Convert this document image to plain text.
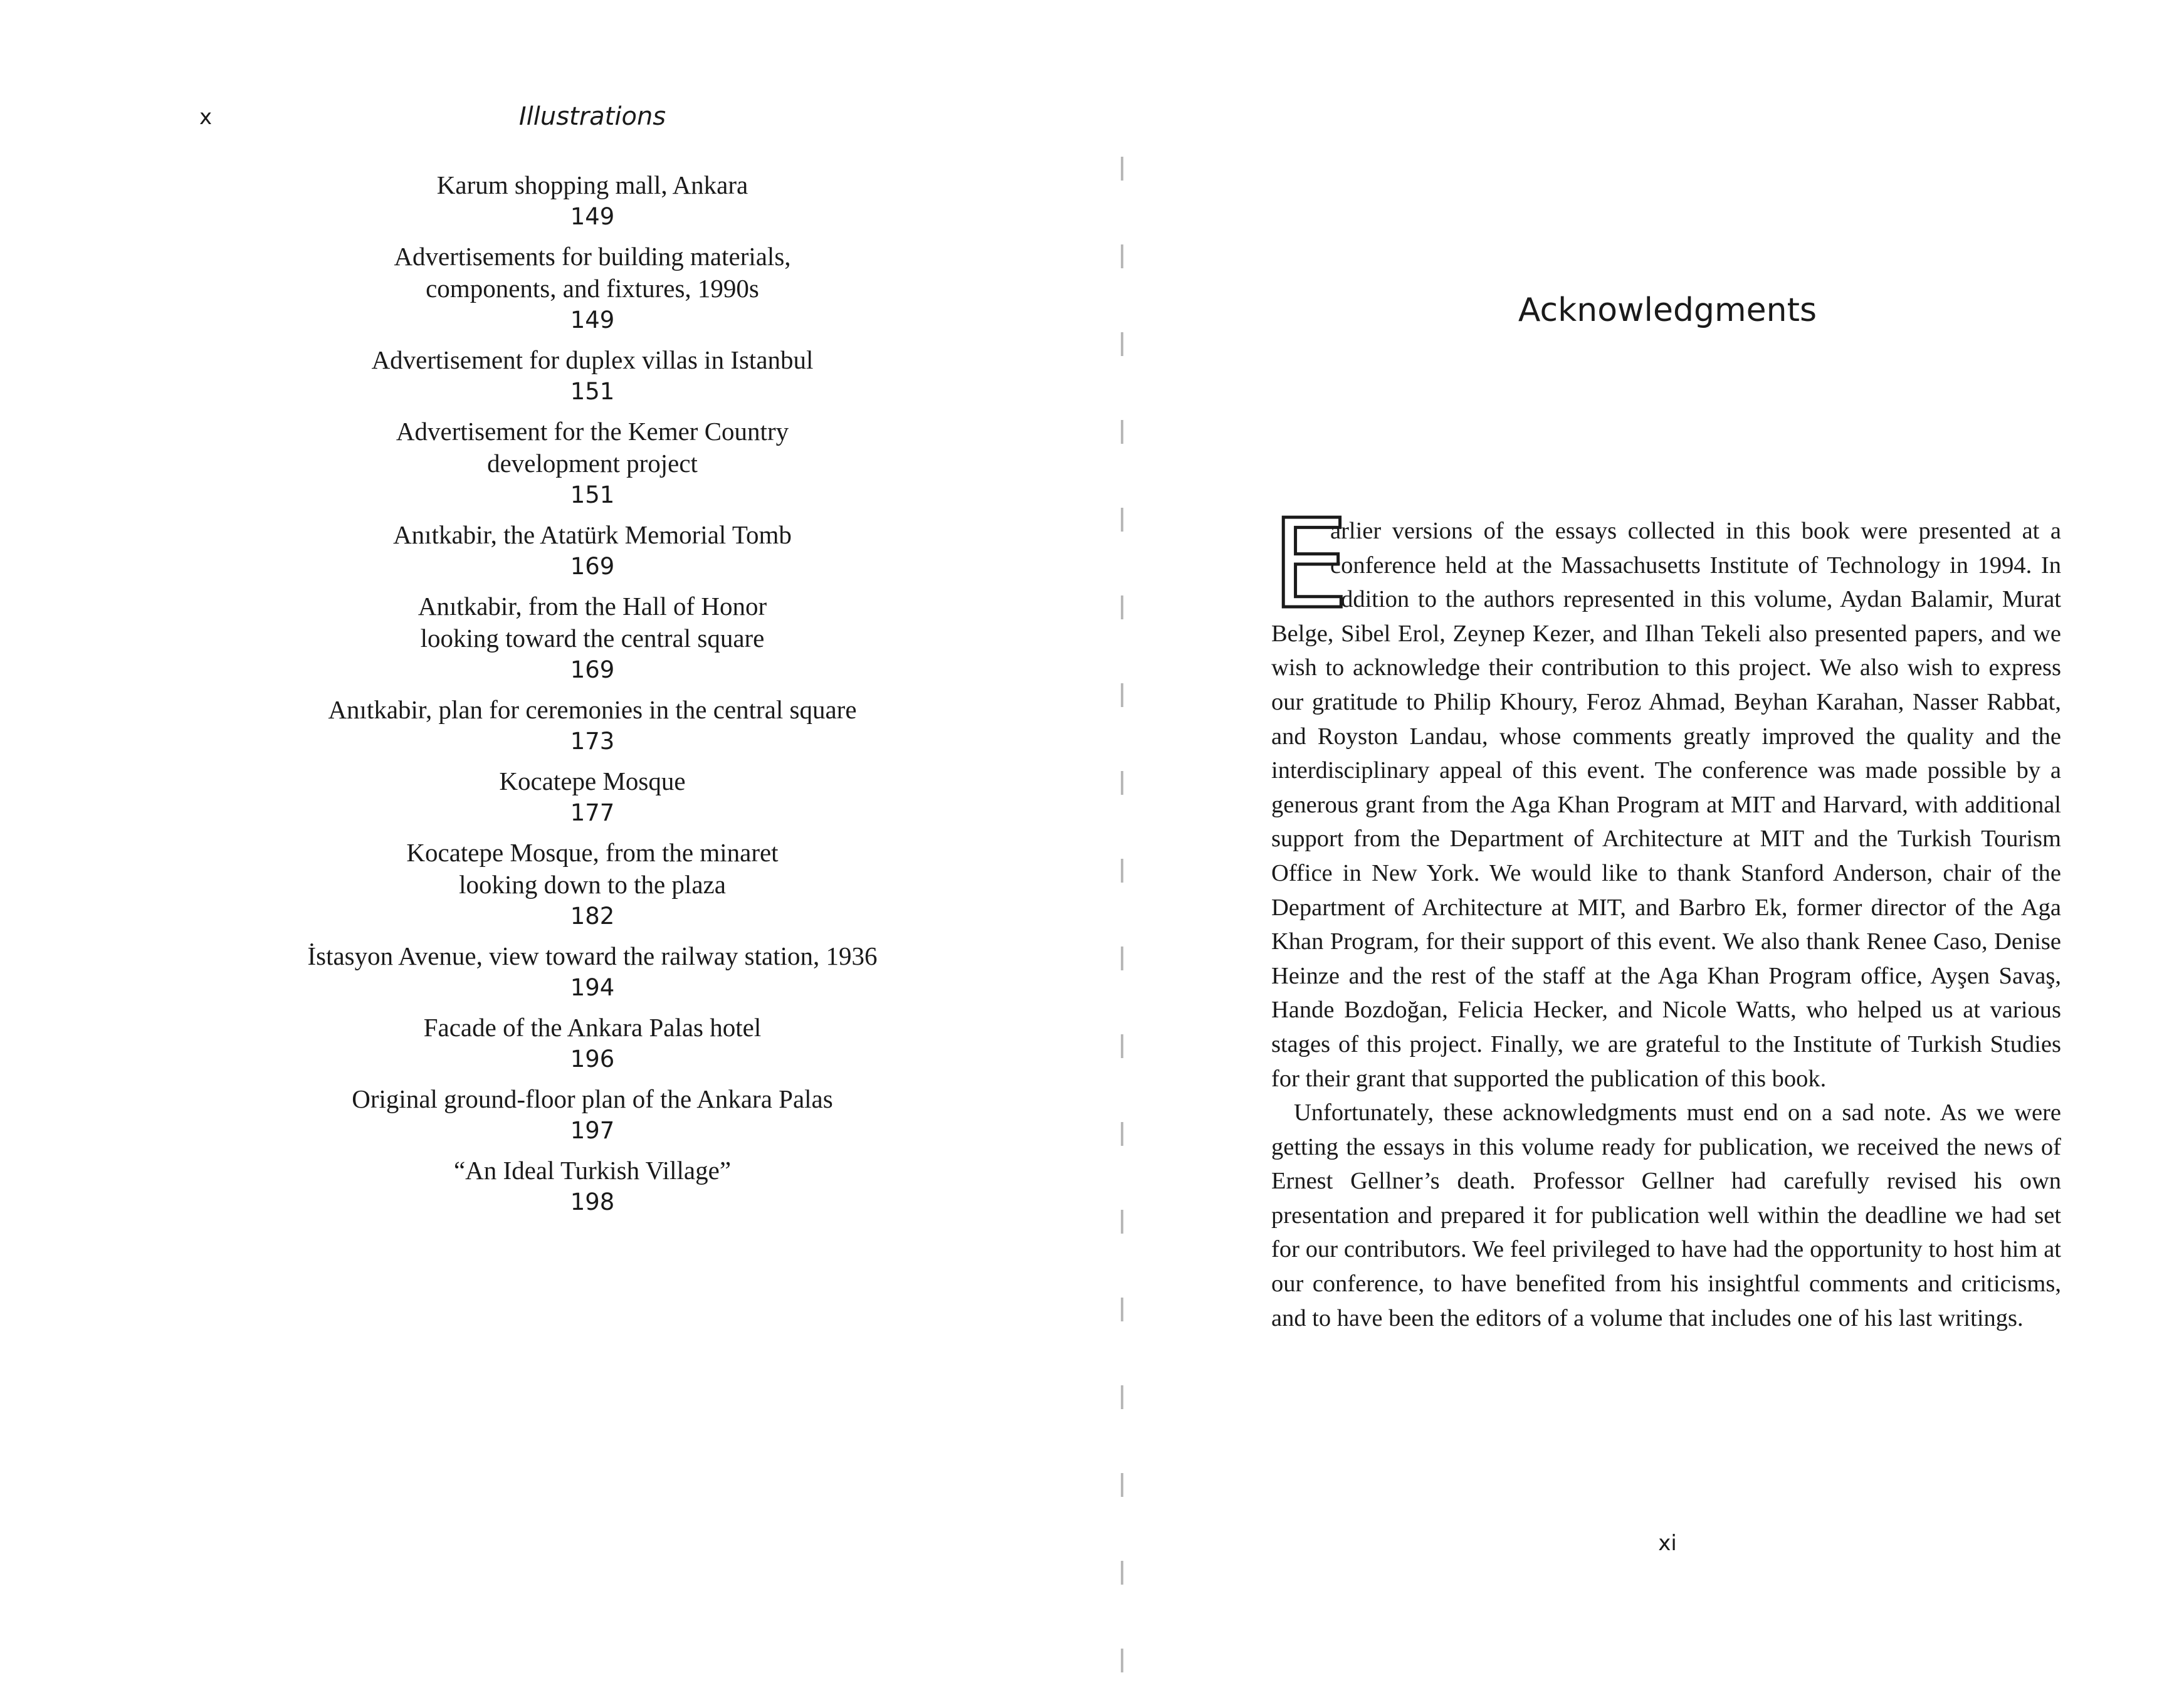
x	Illustrations
Karum shopping mall, Ankara
149
Advertisements for building materials,
components, and fixtures, 1990s
149
Advertisement for duplex villas in Istanbul
151
Advertisement for the Kemer Country
development project
151
Anıtkabir, the Atatürk Memorial Tomb
169
Anıtkabir, from the Hall of Honor
looking toward the central square
169
Anıtkabir, plan for ceremonies in the central square
173
Kocatepe Mosque
177
Kocatepe Mosque, from the minaret
looking down to the plaza
182
İstasyon Avenue, view toward the railway station, 1936
194
Facade of the Ankara Palas hotel
196
Original ground-floor plan of the Ankara Palas
197
“An Ideal Turkish Village”
198
Acknowledgments

E
arlier versions of the essays collected in this book were presented at a conference held at the Massachusetts Institute of Technology in 1994. In addition to the authors represented in this volume, Aydan Balamir, Murat Belge, Sibel Erol, Zeynep Kezer, and Ilhan Tekeli also presented papers, and we wish to acknowledge their contribution to this project. We also wish to express our gratitude to Philip Khoury, Feroz Ahmad, Beyhan Karahan, Nasser Rabbat, and Royston Landau, whose comments greatly improved the quality and the interdisciplinary appeal of this event. The conference was made possible by a generous grant from the Aga Khan Program at MIT and Harvard, with additional support from the Department of Architecture at MIT and the Turkish Tourism Office in New York. We would like to thank Stanford Anderson, chair of the Department of Architecture at MIT, and Barbro Ek, former director of the Aga Khan Program, for their support of this event. We also thank Renee Caso, Denise Heinze and the rest of the staff at the Aga Khan Program office, Ayşen Savaş, Hande Bozdoğan, Felicia Hecker, and Nicole Watts, who helped us at various stages of this project. Finally, we are grateful to the Institute of Turkish Studies for their grant that supported the publication of this book.

Unfortunately, these acknowledgments must end on a sad note. As we were getting the essays in this volume ready for publication, we received the news of Ernest Gellner’s death. Professor Gellner had carefully revised his own presentation and prepared it for publication well within the deadline we had set for our contributors. We feel privileged to have had the opportunity to host him at our conference, to have benefited from his insightful comments and criticisms, and to have been the editors of a volume that includes one of his last writings.

xi
